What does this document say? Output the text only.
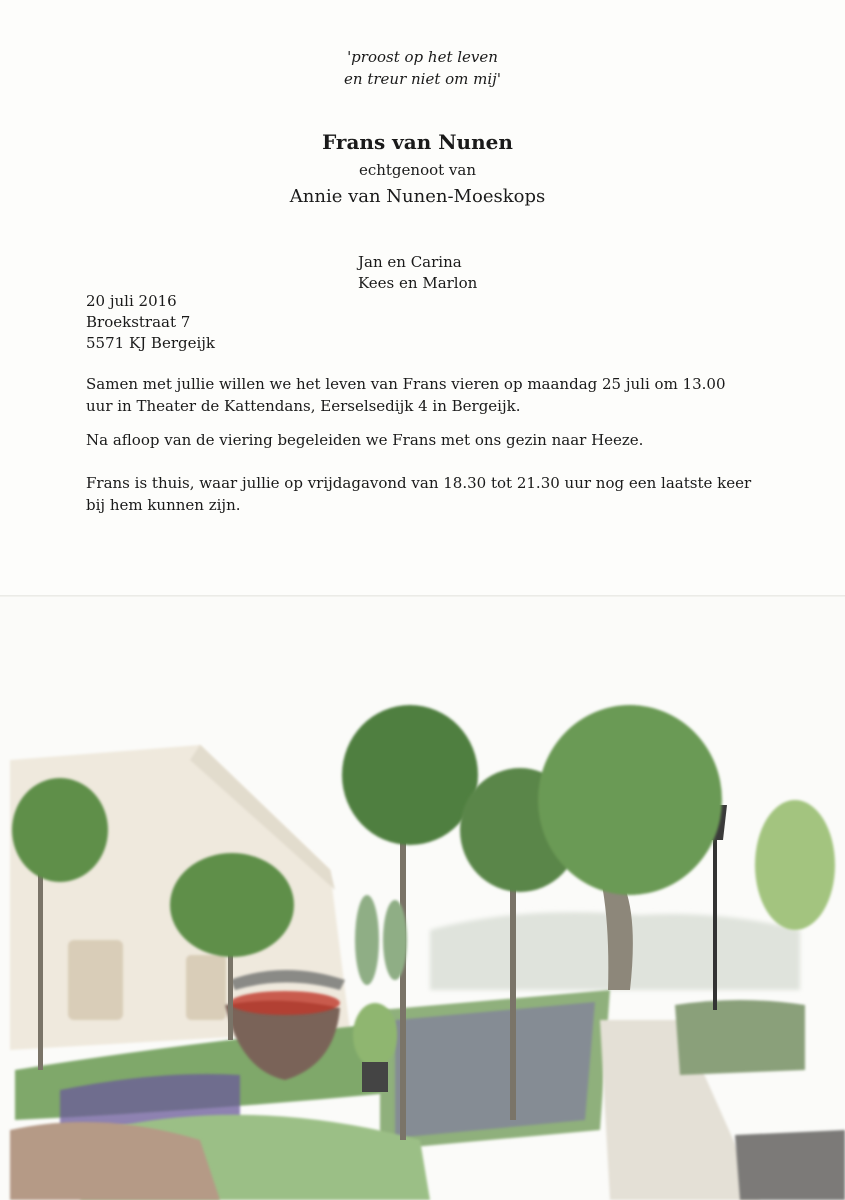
'proost op het leven
en treur niet om mij'
Frans van Nunen
echtgenoot van
Annie van Nunen-Moeskops
Jan en Carina
Kees en Marlon
20 juli 2016
Broekstraat 7
5571 KJ Bergeijk
Samen met jullie willen we het leven van Frans vieren op maandag 25 juli om 13.00 uur in Theater de Kattendans, Eerselsedijk 4 in Bergeijk.
Na afloop van de viering begeleiden we Frans met ons gezin naar Heeze.
Frans is thuis, waar jullie op vrijdagavond van 18.30 tot 21.30 uur nog een laatste keer bij hem kunnen zijn.
